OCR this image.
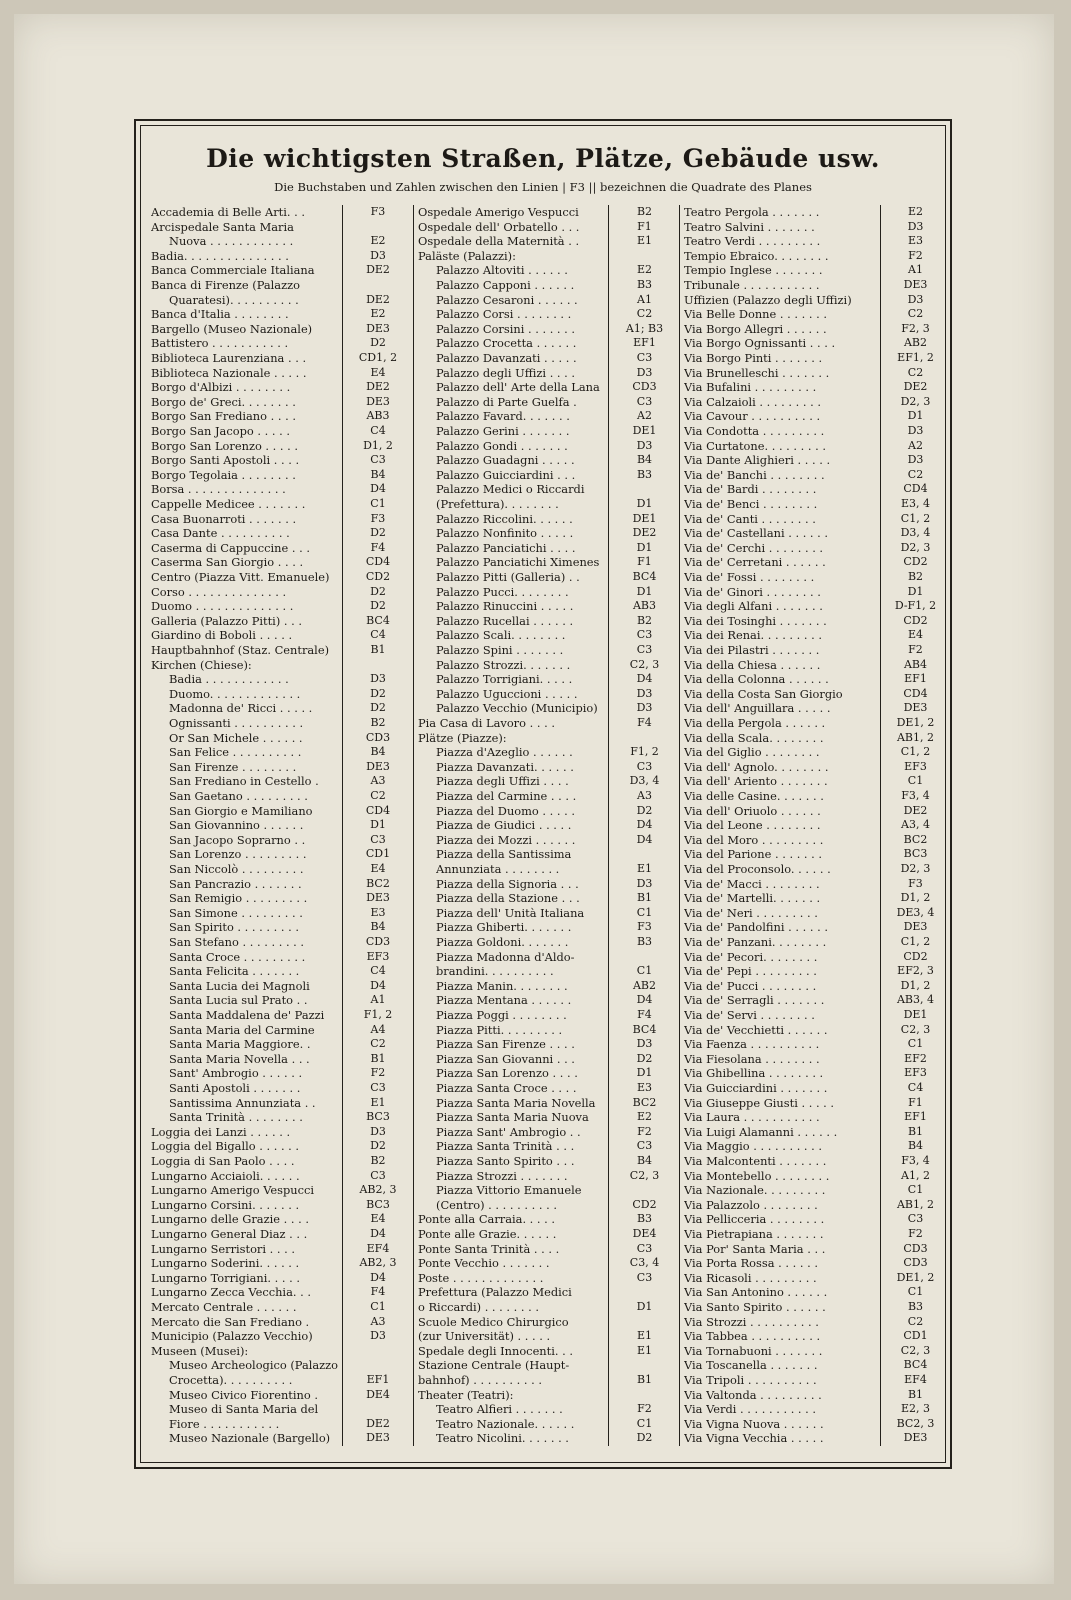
Die wichtigsten Straßen, Plätze, Gebäude usw.
Die Buchstaben und Zahlen zwischen den Linien | F3 || bezeichnen die Quadrate des Planes
Accademia di Belle Arti. . .	F3
Arcispedale Santa Maria
Nuova . . . . . . . . . . . .	E2
Badia. . . . . . . . . . . . . . .	D3
Banca Commerciale Italiana	DE2
Banca di Firenze (Palazzo
Quaratesi). . . . . . . . . .	DE2
Banca d'Italia . . . . . . . .	E2
Bargello (Museo Nazionale)	DE3
Battistero . . . . . . . . . . .	D2
Biblioteca Laurenziana . . .	CD1, 2
Biblioteca Nazionale . . . . .	E4
Borgo d'Albizi . . . . . . . .	DE2
Borgo de' Greci. . . . . . . .	DE3
Borgo San Frediano . . . .	AB3
Borgo San Jacopo . . . . .	C4
Borgo San Lorenzo . . . . .	D1, 2
Borgo Santi Apostoli . . . .	C3
Borgo Tegolaia . . . . . . . .	B4
Borsa . . . . . . . . . . . . . .	D4
Cappelle Medicee . . . . . . .	C1
Casa Buonarroti . . . . . . .	F3
Casa Dante . . . . . . . . . .	D2
Caserma di Cappuccine . . .	F4
Caserma San Giorgio . . . .	CD4
Centro (Piazza Vitt. Emanuele)	CD2
Corso . . . . . . . . . . . . . .	D2
Duomo . . . . . . . . . . . . . .	D2
Galleria (Palazzo Pitti) . . .	BC4
Giardino di Boboli . . . . .	C4
Hauptbahnhof (Staz. Centrale)	B1
Kirchen (Chiese):
Badia . . . . . . . . . . . .	D3
Duomo. . . . . . . . . . . . .	D2
Madonna de' Ricci . . . . .	D2
Ognissanti . . . . . . . . . .	B2
Or San Michele . . . . . .	CD3
San Felice . . . . . . . . . .	B4
San Firenze . . . . . . . .	DE3
San Frediano in Cestello .	A3
San Gaetano . . . . . . . . .	C2
San Giorgio e Mamiliano	CD4
San Giovannino . . . . . .	D1
San Jacopo Soprarno . .	C3
San Lorenzo . . . . . . . . .	CD1
San Niccolò . . . . . . . . .	E4
San Pancrazio . . . . . . .	BC2
San Remigio . . . . . . . . .	DE3
San Simone . . . . . . . . .	E3
San Spirito . . . . . . . . .	B4
San Stefano . . . . . . . . .	CD3
Santa Croce . . . . . . . . .	EF3
Santa Felicita . . . . . . .	C4
Santa Lucia dei Magnoli	D4
Santa Lucia sul Prato . .	A1
Santa Maddalena de' Pazzi	F1, 2
Santa Maria del Carmine	A4
Santa Maria Maggiore. .	C2
Santa Maria Novella . . .	B1
Sant' Ambrogio . . . . . .	F2
Santi Apostoli . . . . . . .	C3
Santissima Annunziata . .	E1
Santa Trinità . . . . . . . .	BC3
Loggia dei Lanzi . . . . . .	D3
Loggia del Bigallo . . . . . .	D2
Loggia di San Paolo . . . .	B2
Lungarno Acciaioli. . . . . .	C3
Lungarno Amerigo Vespucci	AB2, 3
Lungarno Corsini. . . . . . .	BC3
Lungarno delle Grazie . . . .	E4
Lungarno General Diaz . . .	D4
Lungarno Serristori . . . .	EF4
Lungarno Soderini. . . . . .	AB2, 3
Lungarno Torrigiani. . . . .	D4
Lungarno Zecca Vecchia. . .	F4
Mercato Centrale . . . . . .	C1
Mercato die San Frediano .	A3
Municipio (Palazzo Vecchio)	D3
Museen (Musei):
Museo Archeologico (Palazzo
Crocetta). . . . . . . . . .	EF1
Museo Civico Fiorentino .	DE4
Museo di Santa Maria del
Fiore . . . . . . . . . . .	DE2
Museo Nazionale (Bargello)	DE3
Ospedale Amerigo Vespucci	B2
Ospedale dell' Orbatello . . .	F1
Ospedale della Maternità . .	E1
Paläste (Palazzi):
Palazzo Altoviti . . . . . .	E2
Palazzo Capponi . . . . . .	B3
Palazzo Cesaroni . . . . . .	A1
Palazzo Corsi . . . . . . . .	C2
Palazzo Corsini . . . . . . .	A1; B3
Palazzo Crocetta . . . . . .	EF1
Palazzo Davanzati . . . . .	C3
Palazzo degli Uffizi . . . .	D3
Palazzo dell' Arte della Lana	CD3
Palazzo di Parte Guelfa .	C3
Palazzo Favard. . . . . . .	A2
Palazzo Gerini . . . . . . .	DE1
Palazzo Gondi . . . . . . .	D3
Palazzo Guadagni . . . . .	B4
Palazzo Guicciardini . . .	B3
Palazzo Medici o Riccardi
(Prefettura). . . . . . . .	D1
Palazzo Riccolini. . . . . .	DE1
Palazzo Nonfinito . . . . .	DE2
Palazzo Panciatichi . . . .	D1
Palazzo Panciatichi Ximenes	F1
Palazzo Pitti (Galleria) . .	BC4
Palazzo Pucci. . . . . . . .	D1
Palazzo Rinuccini . . . . .	AB3
Palazzo Rucellai . . . . . .	B2
Palazzo Scali. . . . . . . .	C3
Palazzo Spini . . . . . . .	C3
Palazzo Strozzi. . . . . . .	C2, 3
Palazzo Torrigiani. . . . .	D4
Palazzo Uguccioni . . . . .	D3
Palazzo Vecchio (Municipio)	D3
Pia Casa di Lavoro . . . .	F4
Plätze (Piazze):
Piazza d'Azeglio . . . . . .	F1, 2
Piazza Davanzati. . . . . .	C3
Piazza degli Uffizi . . . .	D3, 4
Piazza del Carmine . . . .	A3
Piazza del Duomo . . . . .	D2
Piazza de Giudici . . . . .	D4
Piazza dei Mozzi . . . . . .	D4
Piazza della Santissima
Annunziata . . . . . . . .	E1
Piazza della Signoria . . .	D3
Piazza della Stazione . . .	B1
Piazza dell' Unità Italiana	C1
Piazza Ghiberti. . . . . . .	F3
Piazza Goldoni. . . . . . .	B3
Piazza Madonna d'Aldo-
brandini. . . . . . . . . .	C1
Piazza Manin. . . . . . . .	AB2
Piazza Mentana . . . . . .	D4
Piazza Poggi . . . . . . . .	F4
Piazza Pitti. . . . . . . . .	BC4
Piazza San Firenze . . . .	D3
Piazza San Giovanni . . .	D2
Piazza San Lorenzo . . . .	D1
Piazza Santa Croce . . . .	E3
Piazza Santa Maria Novella	BC2
Piazza Santa Maria Nuova	E2
Piazza Sant' Ambrogio . .	F2
Piazza Santa Trinità . . .	C3
Piazza Santo Spirito . . .	B4
Piazza Strozzi . . . . . . .	C2, 3
Piazza Vittorio Emanuele
(Centro) . . . . . . . . . .	CD2
Ponte alla Carraia. . . . .	B3
Ponte alle Grazie. . . . . .	DE4
Ponte Santa Trinità . . . .	C3
Ponte Vecchio . . . . . . .	C3, 4
Poste . . . . . . . . . . . . .	C3
Prefettura (Palazzo Medici
o Riccardi) . . . . . . . .	D1
Scuole Medico Chirurgico
(zur Universität) . . . . .	E1
Spedale degli Innocenti. . .	E1
Stazione Centrale (Haupt-
bahnhof) . . . . . . . . . .	B1
Theater (Teatri):
Teatro Alfieri . . . . . . .	F2
Teatro Nazionale. . . . . .	C1
Teatro Nicolini. . . . . . .	D2
Teatro Pergola . . . . . . .	E2
Teatro Salvini . . . . . . .	D3
Teatro Verdi . . . . . . . . .	E3
Tempio Ebraico. . . . . . . .	F2
Tempio Inglese . . . . . . .	A1
Tribunale . . . . . . . . . . .	DE3
Uffizien (Palazzo degli Uffizi)	D3
Via Belle Donne . . . . . . .	C2
Via Borgo Allegri . . . . . .	F2, 3
Via Borgo Ognissanti . . . .	AB2
Via Borgo Pinti . . . . . . .	EF1, 2
Via Brunelleschi . . . . . . .	C2
Via Bufalini . . . . . . . . .	DE2
Via Calzaioli . . . . . . . . .	D2, 3
Via Cavour . . . . . . . . . .	D1
Via Condotta . . . . . . . . .	D3
Via Curtatone. . . . . . . . .	A2
Via Dante Alighieri . . . . .	D3
Via de' Banchi . . . . . . . .	C2
Via de' Bardi . . . . . . . .	CD4
Via de' Benci . . . . . . . .	E3, 4
Via de' Canti . . . . . . . .	C1, 2
Via de' Castellani . . . . . .	D3, 4
Via de' Cerchi . . . . . . . .	D2, 3
Via de' Cerretani . . . . . .	CD2
Via de' Fossi . . . . . . . .	B2
Via de' Ginori . . . . . . . .	D1
Via degli Alfani . . . . . . .	D-F1, 2
Via dei Tosinghi . . . . . . .	CD2
Via dei Renai. . . . . . . . .	E4
Via dei Pilastri . . . . . . .	F2
Via della Chiesa . . . . . .	AB4
Via della Colonna . . . . . .	EF1
Via della Costa San Giorgio	CD4
Via dell' Anguillara . . . . .	DE3
Via della Pergola . . . . . .	DE1, 2
Via della Scala. . . . . . . .	AB1, 2
Via del Giglio . . . . . . . .	C1, 2
Via dell' Agnolo. . . . . . . .	EF3
Via dell' Ariento . . . . . . .	C1
Via delle Casine. . . . . . .	F3, 4
Via dell' Oriuolo . . . . . .	DE2
Via del Leone . . . . . . . .	A3, 4
Via del Moro . . . . . . . . .	BC2
Via del Parione . . . . . . .	BC3
Via del Proconsolo. . . . . .	D2, 3
Via de' Macci . . . . . . . .	F3
Via de' Martelli. . . . . . .	D1, 2
Via de' Neri . . . . . . . . .	DE3, 4
Via de' Pandolfini . . . . . .	DE3
Via de' Panzani. . . . . . . .	C1, 2
Via de' Pecori. . . . . . . .	CD2
Via de' Pepi . . . . . . . . .	EF2, 3
Via de' Pucci . . . . . . . .	D1, 2
Via de' Serragli . . . . . . .	AB3, 4
Via de' Servi . . . . . . . .	DE1
Via de' Vecchietti . . . . . .	C2, 3
Via Faenza . . . . . . . . . .	C1
Via Fiesolana . . . . . . . .	EF2
Via Ghibellina . . . . . . . .	EF3
Via Guicciardini . . . . . . .	C4
Via Giuseppe Giusti . . . . .	F1
Via Laura . . . . . . . . . . .	EF1
Via Luigi Alamanni . . . . . .	B1
Via Maggio . . . . . . . . . .	B4
Via Malcontenti . . . . . . .	F3, 4
Via Montebello . . . . . . . .	A1, 2
Via Nazionale. . . . . . . . .	C1
Via Palazzolo . . . . . . . .	AB1, 2
Via Pellicceria . . . . . . . .	C3
Via Pietrapiana . . . . . . .	F2
Via Por' Santa Maria . . .	CD3
Via Porta Rossa . . . . . .	CD3
Via Ricasoli . . . . . . . . .	DE1, 2
Via San Antonino . . . . . .	C1
Via Santo Spirito . . . . . .	B3
Via Strozzi . . . . . . . . . .	C2
Via Tabbea . . . . . . . . . .	CD1
Via Tornabuoni . . . . . . .	C2, 3
Via Toscanella . . . . . . .	BC4
Via Tripoli . . . . . . . . . .	EF4
Via Valtonda . . . . . . . . .	B1
Via Verdi . . . . . . . . . . .	E2, 3
Via Vigna Nuova . . . . . .	BC2, 3
Via Vigna Vecchia . . . . .	DE3
